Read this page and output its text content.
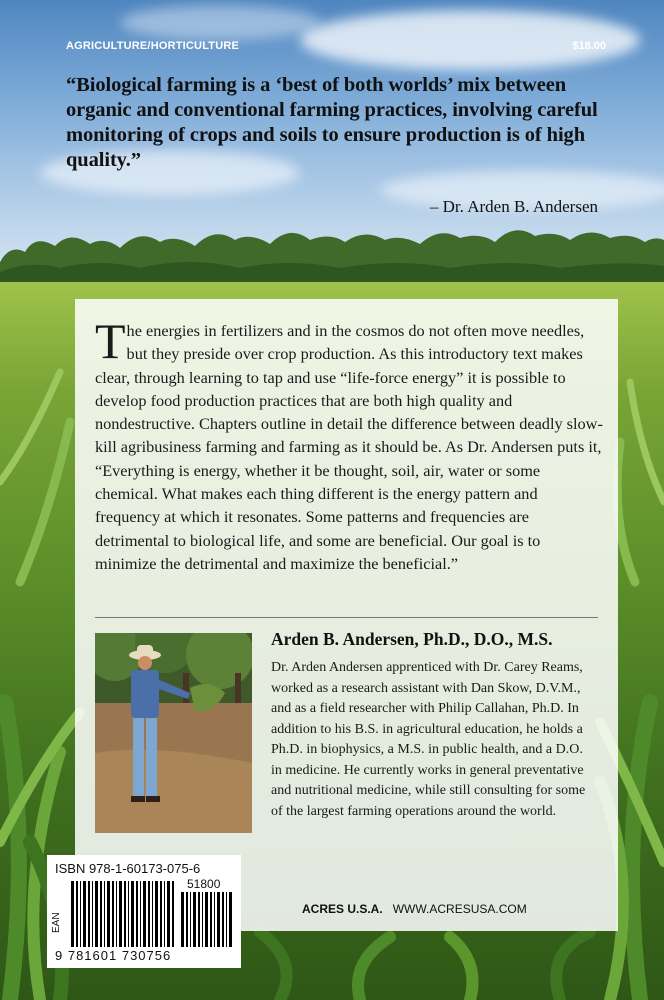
AGRICULTURE/HORTICULTURE	$18.00
“Biological farming is a ‘best of both worlds’ mix between organic and conventional farming practices, involving careful monitoring of crops and soils to ensure production is of high quality.”
– Dr. Arden B. Andersen

The energies in fertilizers and in the cosmos do not often move needles, but they preside over crop production. As this introductory text makes clear, through learning to tap and use “life-force energy” it is possible to develop food production practices that are both high quality and nondestructive. Chapters outline in detail the difference between deadly slow-kill agribusiness farming and farming as it should be. As Dr. Andersen puts it, “Everything is energy, whether it be thought, soil, air, water or some chemical. What makes each thing different is the energy pattern and frequency at which it resonates. Some patterns and frequencies are detrimental to biological life, and some are beneficial. Our goal is to minimize the detrimental and maximize the beneficial.”

Arden B. Andersen, Ph.D., D.O., M.S.
Dr. Arden Andersen apprenticed with Dr. Carey Reams, worked as a research assistant with Dan Skow, D.V.M., and as a field researcher with Philip Callahan, Ph.D. In addition to his B.S. in agricultural education, he holds a Ph.D. in biophysics, a M.S. in public health, and a D.O. in medicine. He currently works in general preventative and nutritional medicine, while still consulting for some of the largest farming operations around the world.
ACRES U.S.A. WWW.ACRESUSA.COM
ISBN 978-1-60173-075-6
EAN
51800
9 781601 730756
